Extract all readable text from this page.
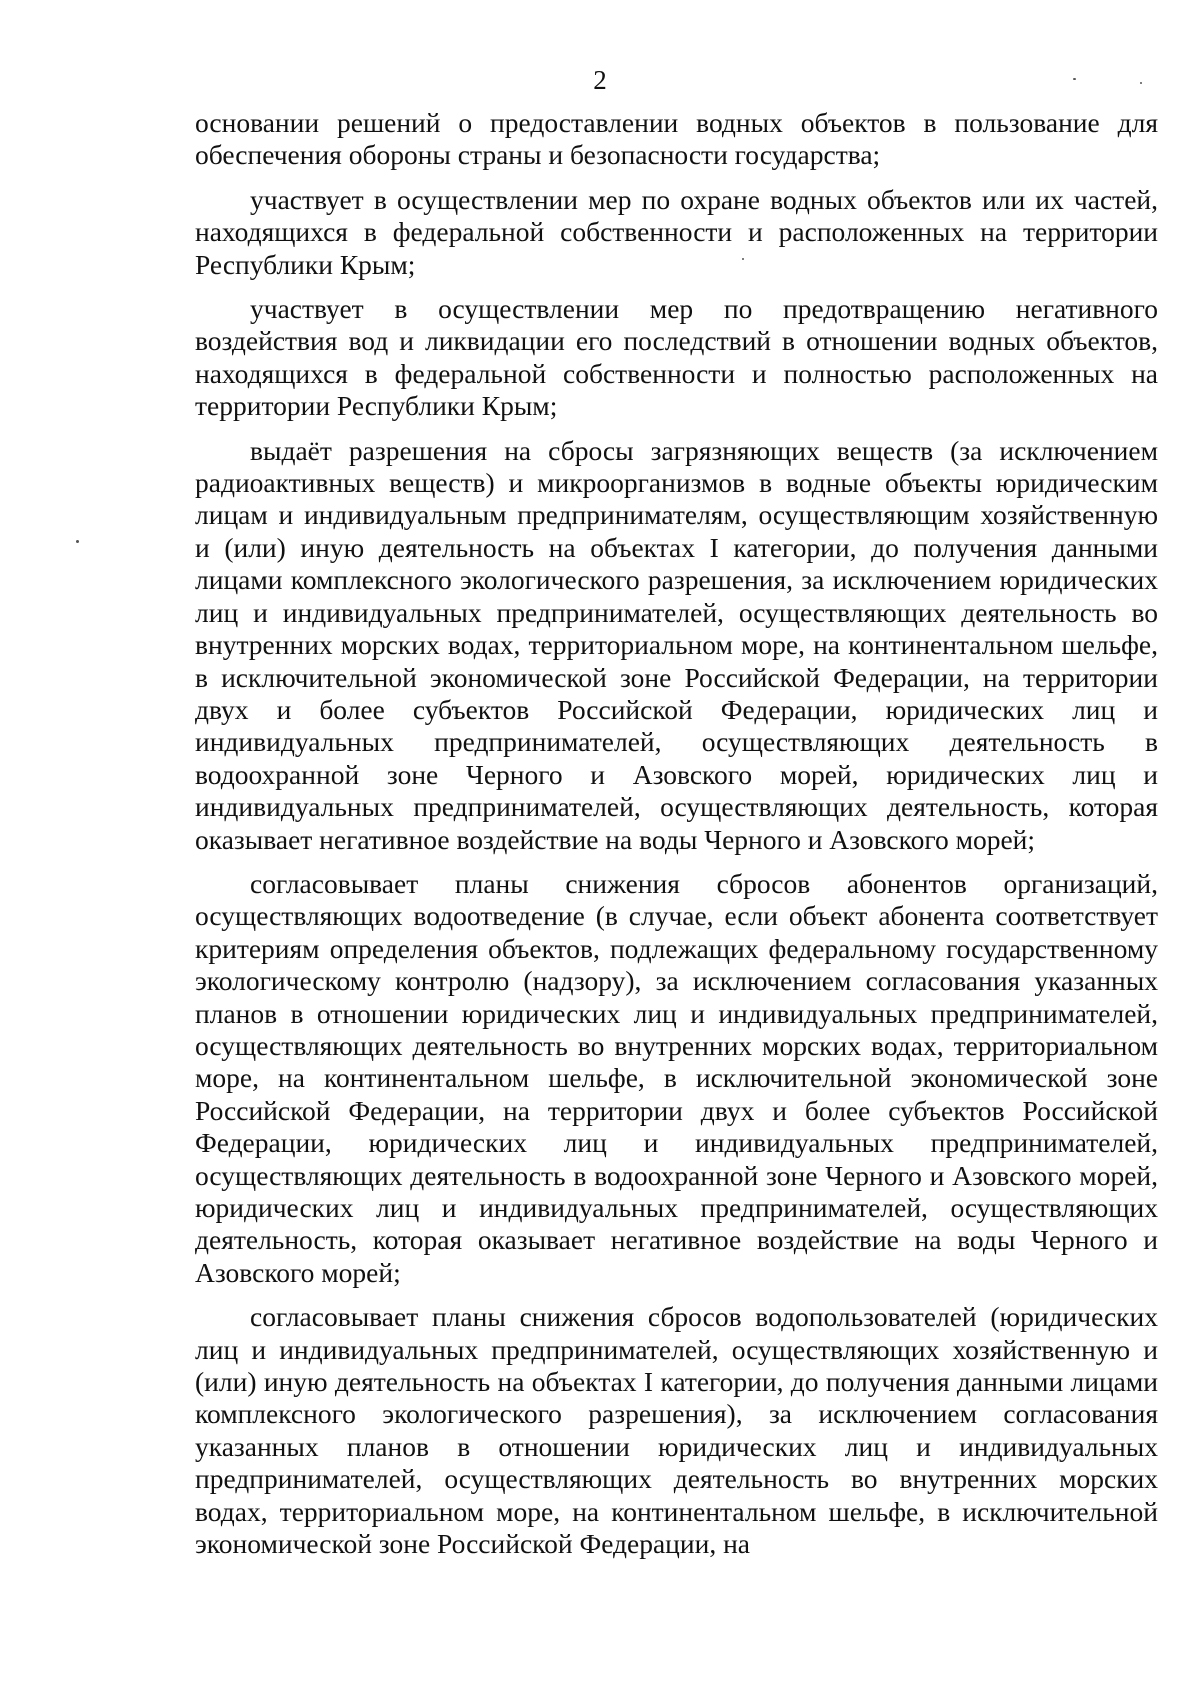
2

основании решений о предоставлении водных объектов в пользование для обеспечения обороны страны и безопасности государства;

участвует в осуществлении мер по охране водных объектов или их частей, находящихся в федеральной собственности и расположенных на территории Республики Крым;

участвует в осуществлении мер по предотвращению негативного воздействия вод и ликвидации его последствий в отношении водных объектов, находящихся в федеральной собственности и полностью расположенных на территории Республики Крым;

выдаёт разрешения на сбросы загрязняющих веществ (за исключением радиоактивных веществ) и микроорганизмов в водные объекты юридическим лицам и индивидуальным предпринимателям, осуществляющим хозяйственную и (или) иную деятельность на объектах I категории, до получения данными лицами комплексного экологического разрешения, за исключением юридических лиц и индивидуальных предпринимателей, осуществляющих деятельность во внутренних морских водах, территориальном море, на континентальном шельфе, в исключительной экономической зоне Российской Федерации, на территории двух и более субъектов Российской Федерации, юридических лиц и индивидуальных предпринимателей, осуществляющих деятельность в водоохранной зоне Черного и Азовского морей, юридических лиц и индивидуальных предпринимателей, осуществляющих деятельность, которая оказывает негативное воздействие на воды Черного и Азовского морей;

согласовывает планы снижения сбросов абонентов организаций, осуществляющих водоотведение (в случае, если объект абонента соответствует критериям определения объектов, подлежащих федеральному государственному экологическому контролю (надзору), за исключением согласования указанных планов в отношении юридических лиц и индивидуальных предпринимателей, осуществляющих деятельность во внутренних морских водах, территориальном море, на континентальном шельфе, в исключительной экономической зоне Российской Федерации, на территории двух и более субъектов Российской Федерации, юридических лиц и индивидуальных предпринимателей, осуществляющих деятельность в водоохранной зоне Черного и Азовского морей, юридических лиц и индивидуальных предпринимателей, осуществляющих деятельность, которая оказывает негативное воздействие на воды Черного и Азовского морей;

согласовывает планы снижения сбросов водопользователей (юридических лиц и индивидуальных предпринимателей, осуществляющих хозяйственную и (или) иную деятельность на объектах I категории, до получения данными лицами комплексного экологического разрешения), за исключением согласования указанных планов в отношении юридических лиц и индивидуальных предпринимателей, осуществляющих деятельность во внутренних морских водах, территориальном море, на континентальном шельфе, в исключительной экономической зоне Российской Федерации, на
